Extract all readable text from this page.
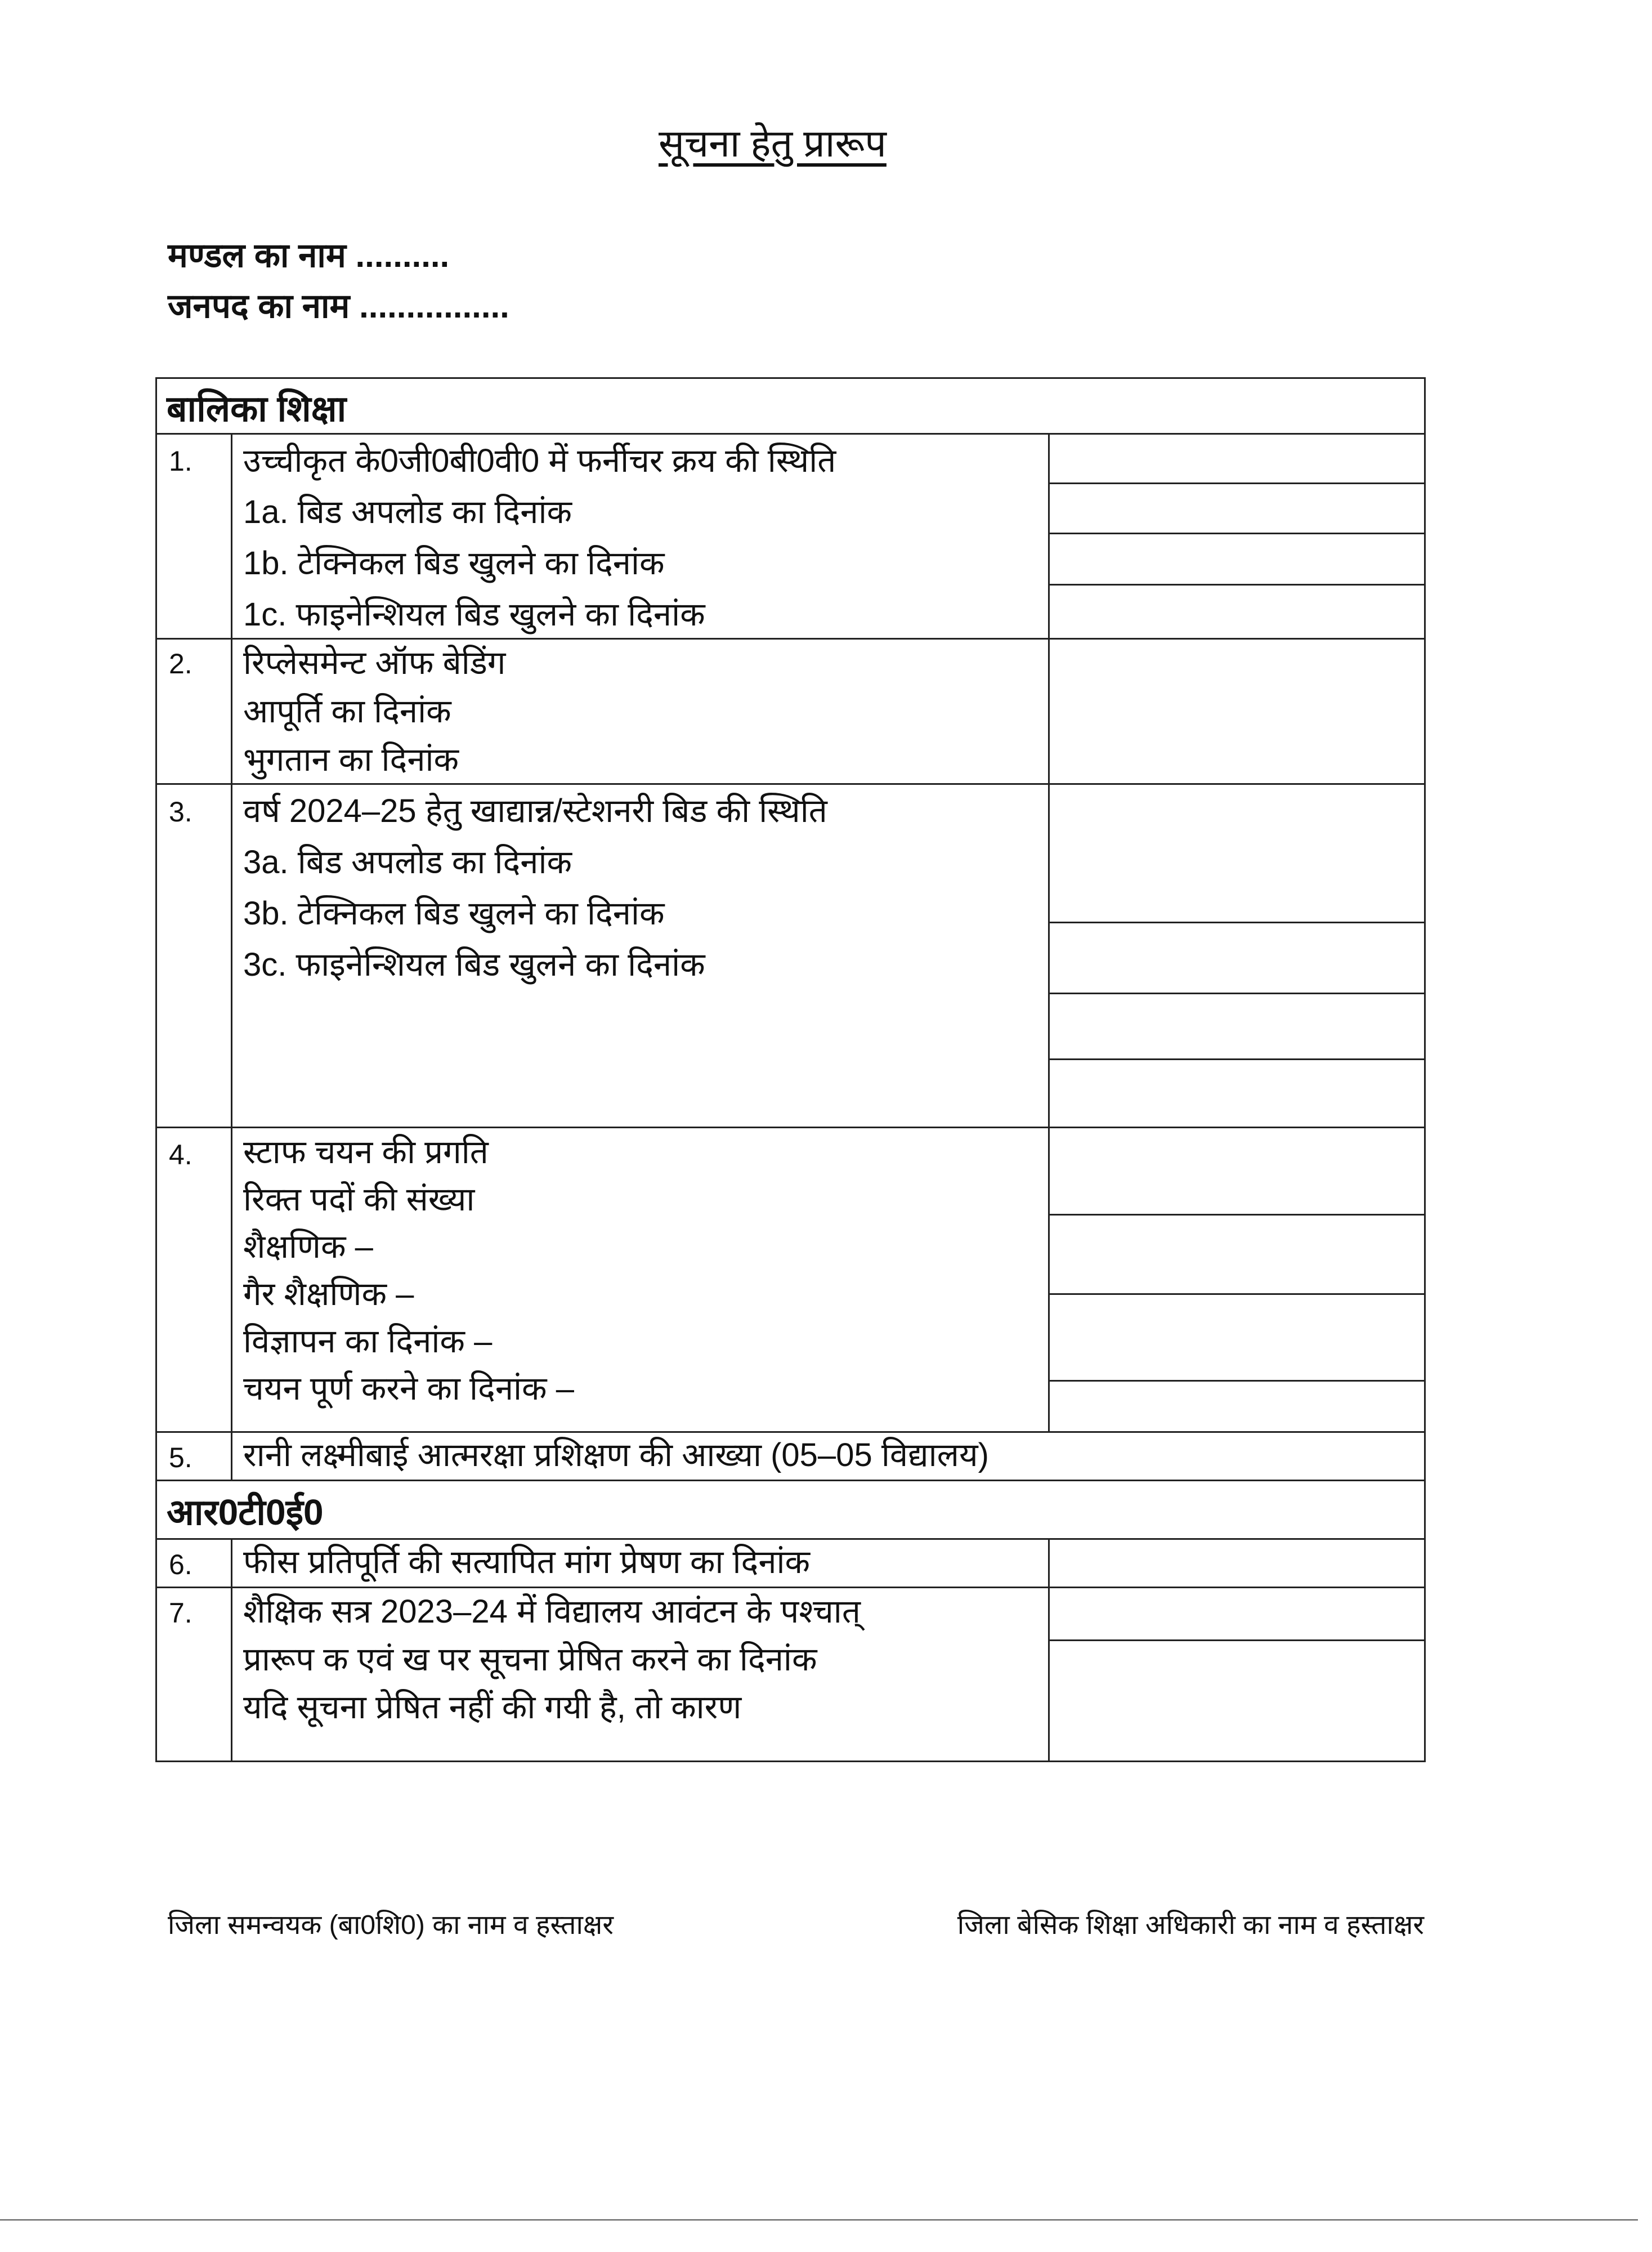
सूचना हेतु प्रारूप
मण्डल का नाम ..........
जनपद का नाम ................
बालिका शिक्षा
आर0टी0ई0
1. उच्चीकृत के0जी0बी0वी0 में फर्नीचर क्रय की स्थिति
1a. बिड अपलोड का दिनांक
1b. टेक्निकल बिड खुलने का दिनांक
1c. फाइनेन्शियल बिड खुलने का दिनांक
2. रिप्लेसमेन्ट ऑफ बेडिंग
आपूर्ति का दिनांक
भुगतान का दिनांक
3. वर्ष 2024–25 हेतु खाद्यान्न/स्टेशनरी बिड की स्थिति
3a. बिड अपलोड का दिनांक
3b. टेक्निकल बिड खुलने का दिनांक
3c. फाइनेन्शियल बिड खुलने का दिनांक
4. स्टाफ चयन की प्रगति
रिक्त पदों की संख्या
शैक्षणिक –
गैर शैक्षणिक –
विज्ञापन का दिनांक –
चयन पूर्ण करने का दिनांक –
5. रानी लक्ष्मीबाई आत्मरक्षा प्रशिक्षण की आख्या (05–05 विद्यालय)
6. फीस प्रतिपूर्ति की सत्यापित मांग प्रेषण का दिनांक
7. शैक्षिक सत्र 2023–24 में विद्यालय आवंटन के पश्चात्
प्रारूप क एवं ख पर सूचना प्रेषित करने का दिनांक
यदि सूचना प्रेषित नहीं की गयी है, तो कारण
जिला समन्वयक (बा0शि0) का नाम व हस्ताक्षर	जिला बेसिक शिक्षा अधिकारी का नाम व हस्ताक्षर
